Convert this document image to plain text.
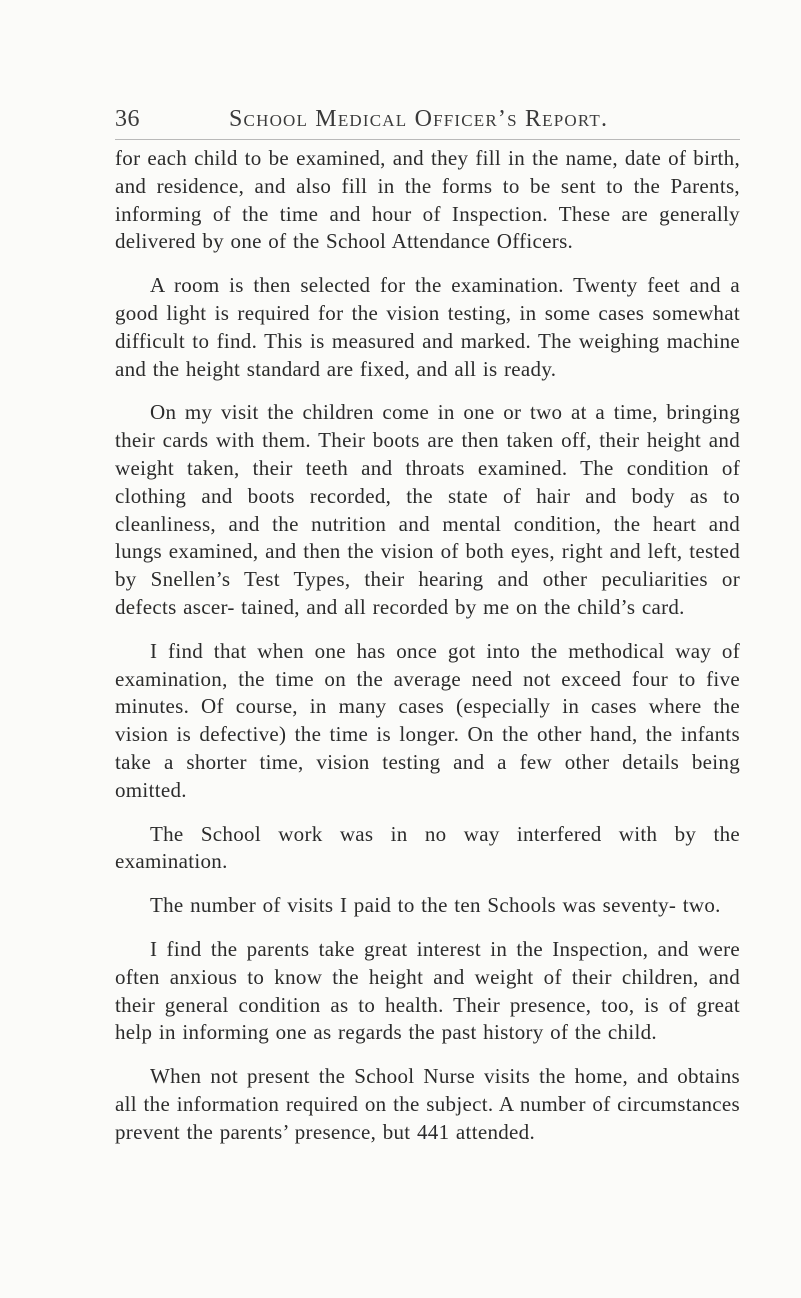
36	School Medical Officer’s Report.

for each child to be examined, and they fill in the name, date of birth, and residence, and also fill in the forms to be sent to the Parents, informing of the time and hour of Inspection. These are generally delivered by one of the School Attendance Officers.

A room is then selected for the examination. Twenty feet and a good light is required for the vision testing, in some cases somewhat difficult to find. This is measured and marked. The weighing machine and the height standard are fixed, and all is ready.

On my visit the children come in one or two at a time, bringing their cards with them. Their boots are then taken off, their height and weight taken, their teeth and throats examined. The condition of clothing and boots recorded, the state of hair and body as to cleanliness, and the nutrition and mental condition, the heart and lungs examined, and then the vision of both eyes, right and left, tested by Snellen’s Test Types, their hearing and other peculiarities or defects ascer- tained, and all recorded by me on the child’s card.

I find that when one has once got into the methodical way of examination, the time on the average need not exceed four to five minutes. Of course, in many cases (especially in cases where the vision is defective) the time is longer. On the other hand, the infants take a shorter time, vision testing and a few other details being omitted.

The School work was in no way interfered with by the examination.

The number of visits I paid to the ten Schools was seventy- two.

I find the parents take great interest in the Inspection, and were often anxious to know the height and weight of their children, and their general condition as to health. Their presence, too, is of great help in informing one as regards the past history of the child.

When not present the School Nurse visits the home, and obtains all the information required on the subject. A number of circumstances prevent the parents’ presence, but 441 attended.
